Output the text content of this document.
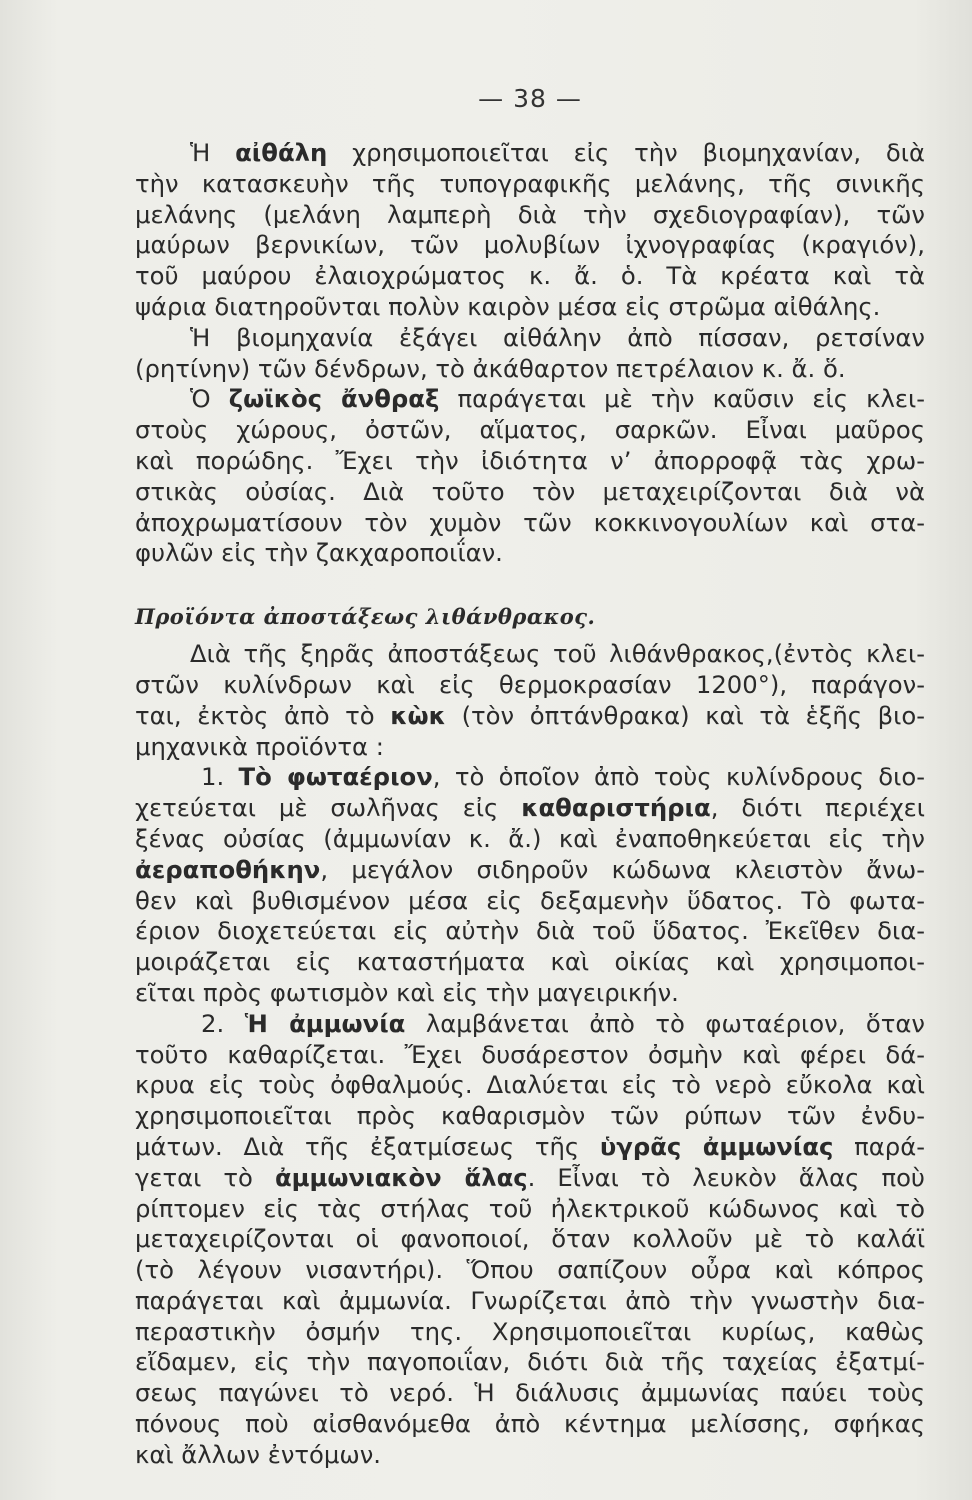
— 38 —

Ἡ αἰθάλη χρησιμοποιεῖται εἰς τὴν βιομηχανίαν, διὰ
τὴν κατασκευὴν τῆς τυπογραφικῆς μελάνης, τῆς σινικῆς
μελάνης (μελάνη λαμπερὴ διὰ τὴν σχεδιογραφίαν), τῶν
μαύρων βερνικίων, τῶν μολυβίων ἰχνογραφίας (κραγιόν),
τοῦ μαύρου ἐλαιοχρώματος κ. ἄ. ὁ. Τὰ κρέατα καὶ τὰ
ψάρια διατηροῦνται πολὺν καιρὸν μέσα εἰς στρῶμα αἰθάλης.

Ἡ βιομηχανία ἐξάγει αἰθάλην ἀπὸ πίσσαν, ρετσίναν
(ρητίνην) τῶν δένδρων, τὸ ἀκάθαρτον πετρέλαιον κ. ἄ. ὅ.

Ὁ ζωϊκὸς ἄνθραξ παράγεται μὲ τὴν καῦσιν εἰς κλει-
στοὺς χώρους, ὀστῶν, αἵματος, σαρκῶν. Εἶναι μαῦρος
καὶ πορώδης. Ἔχει τὴν ἰδιότητα ν’ ἀπορροφᾷ τὰς χρω-
στικὰς οὐσίας. Διὰ τοῦτο τὸν μεταχειρίζονται διὰ νὰ
ἀποχρωματίσουν τὸν χυμὸν τῶν κοκκινογουλίων καὶ στα-
φυλῶν εἰς τὴν ζακχαροποιΐαν.

Προϊόντα ἀποστάξεως λιθάνθρακος.

Διὰ τῆς ξηρᾶς ἀποστάξεως τοῦ λιθάνθρακος,(ἐντὸς κλει-
στῶν κυλίνδρων καὶ εἰς θερμοκρασίαν 1200°), παράγον-
ται, ἐκτὸς ἀπὸ τὸ κὼκ (τὸν ὀπτάνθρακα) καὶ τὰ ἑξῆς βιο-
μηχανικὰ προϊόντα :

1. Τὸ φωταέριον, τὸ ὁποῖον ἀπὸ τοὺς κυλίνδρους διο-
χετεύεται μὲ σωλῆνας εἰς καθαριστήρια, διότι περιέχει
ξένας οὐσίας (ἀμμωνίαν κ. ἄ.) καὶ ἐναποθηκεύεται εἰς τὴν
ἀεραποθήκην, μεγάλον σιδηροῦν κώδωνα κλειστὸν ἄνω-
θεν καὶ βυθισμένον μέσα εἰς δεξαμενὴν ὕδατος. Τὸ φωτα-
έριον διοχετεύεται εἰς αὐτὴν διὰ τοῦ ὕδατος. Ἐκεῖθεν δια-
μοιράζεται εἰς καταστήματα καὶ οἰκίας καὶ χρησιμοποι-
εῖται πρὸς φωτισμὸν καὶ εἰς τὴν μαγειρικήν.

2. Ἡ ἀμμωνία λαμβάνεται ἀπὸ τὸ φωταέριον, ὅταν
τοῦτο καθαρίζεται. Ἔχει δυσάρεστον ὀσμὴν καὶ φέρει δά-
κρυα εἰς τοὺς ὀφθαλμούς. Διαλύεται εἰς τὸ νερὸ εὔκολα καὶ
χρησιμοποιεῖται πρὸς καθαρισμὸν τῶν ρύπων τῶν ἐνδυ-
μάτων. Διὰ τῆς ἐξατμίσεως τῆς ὑγρᾶς ἀμμωνίας παρά-
γεται τὸ ἀμμωνιακὸν ἅλας. Εἶναι τὸ λευκὸν ἅλας ποὺ
ρίπτομεν εἰς τὰς στήλας τοῦ ἠλεκτρικοῦ κώδωνος καὶ τὸ
μεταχειρίζονται οἱ φανοποιοί, ὅταν κολλοῦν μὲ τὸ καλάϊ
(τὸ λέγουν νισαντήρι). Ὅπου σαπίζουν οὖρα καὶ κόπρος
παράγεται καὶ ἀμμωνία. Γνωρίζεται ἀπὸ τὴν γνωστὴν δια-
περαστικὴν ὀσμήν της. Χρησιμοποιεῖται κυρίως, καθὼς
εἴδαμεν, εἰς τὴν παγοποιΐαν, διότι διὰ τῆς ταχείας ἐξατμί-
σεως παγώνει τὸ νερό. Ἡ διάλυσις ἀμμωνίας παύει τοὺς
πόνους ποὺ αἰσθανόμεθα ἀπὸ κέντημα μελίσσης, σφήκας
καὶ ἄλλων ἐντόμων.
